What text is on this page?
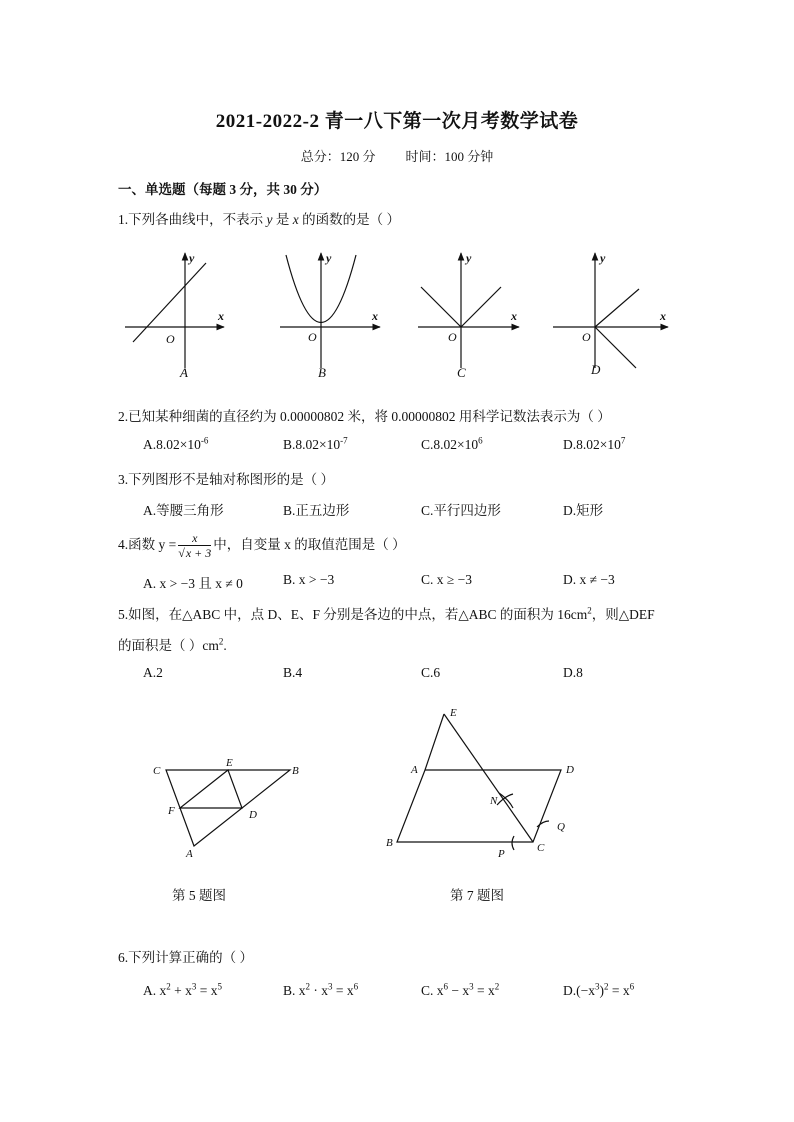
2021-2022-2 青一八下第一次月考数学试卷
总分：120 分 时间：100 分钟
一、单选题（每题 3 分，共 30 分）
1.下列各曲线中，不表示 y 是 x 的函数的是（ ）
y
x
y
x
y
x
y
x
O	O	O	O
A	B	C	D
2.已知某种细菌的直径约为 0.00000802 米，将 0.00000802 用科学记数法表示为（ ）
$A.8.02\times 10^{-6}$	$B.8.02\times 10^{-7}$	$C.8.02\times 10^6$	$D.8.02\times 10^7$
3.下列图形不是轴对称图形的是（ ）
A.等腰三角形	B.正五边形	C.平行四边形	D.矩形
4.函数 $y = \frac{x}{√x + 3}$ 中，自变量 x 的取值范围是（ ）
A. x > −3 且 x ≠ 0	B. x > −3	C. x ≥ −3	D. x ≠ −3
5.如图，在△ABC 中，点 D、E、F 分别是各边的中点，若△ABC 的面积为 $16cm^2$，则△DEF
的面积是（ ）$cm^2$.
A.2	B.4	C.6	D.8
C
E
B
F	D
A
E
A	D
N
Q
B
P	C
第 5 题图	第 7 题图
6.下列计算正确的（ ）
A. $x^2 + x^3 = x^5$	B. $x^2 \cdot x^3 = x^6$	C. $x^6 - x^3 = x^2$	$D.(-x^3)^2 = x^6$
